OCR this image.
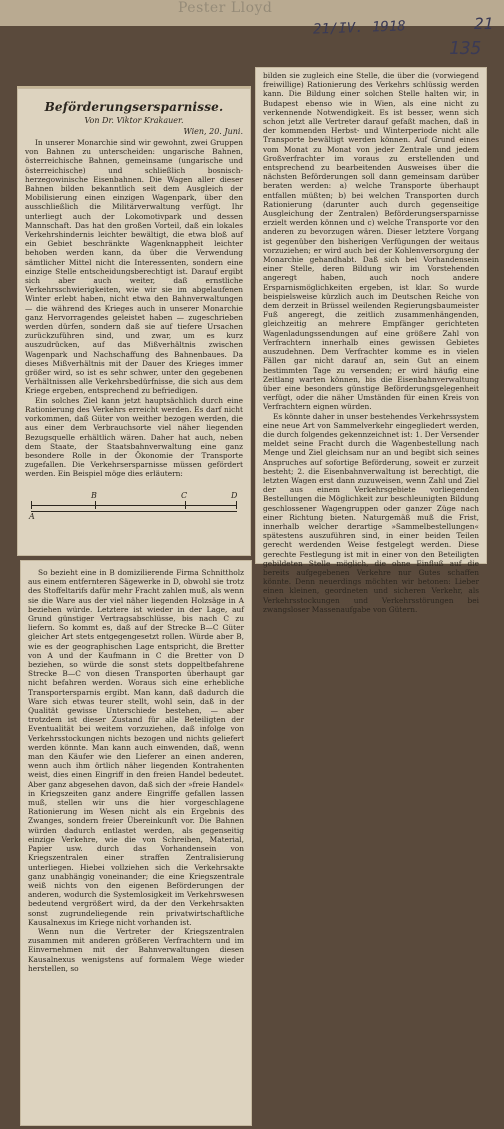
Pester Lloyd
21/IV. 1918	21
135
Beförderungsersparnisse.
Von Dr. Viktor Krakauer.
Wien, 20. Juni.

In unserer Monarchie sind wir gewohnt, zwei Gruppen von Bahnen zu unterscheiden: ungarische Bahnen, österreichische Bahnen, gemeinsame (ungarische und österreichische) und schließlich bosnisch-herzegowinische Eisenbahnen. Die Wagen aller dieser Bahnen bilden bekanntlich seit dem Ausgleich der Mobilisierung einen einzigen Wagenpark, über den ausschließlich die Militärverwaltung verfügt. Ihr unterliegt auch der Lokomotivpark und dessen Mannschaft. Das hat den großen Vorteil, daß ein lokales Verkehrshindernis leichter bewältigt, die etwa bloß auf ein Gebiet beschränkte Wagenknappheit leichter behoben werden kann, da über die Verwendung sämtlicher Mittel nicht die Interessenten, sondern eine einzige Stelle entscheidungsberechtigt ist. Darauf ergibt sich aber auch weiter, daß ernstliche Verkehrsschwierigkeiten, wie wir sie im abgelaufenen Winter erlebt haben, nicht etwa den Bahnverwaltungen — die während des Krieges auch in unserer Monarchie ganz Hervorragendes geleistet haben — zugeschrieben werden dürfen, sondern daß sie auf tiefere Ursachen zurückzuführen sind, und zwar, um es kurz auszudrücken, auf das Mißverhältnis zwischen Wagenpark und Nachschaffung des Bahnenbaues. Da dieses Mißverhältnis mit der Dauer des Krieges immer größer wird, so ist es sehr schwer, unter den gegebenen Verhältnissen alle Verkehrsbedürfnisse, die sich aus dem Kriege ergeben, entsprechend zu befriedigen.

Ein solches Ziel kann jetzt hauptsächlich durch eine Rationierung des Verkehrs erreicht werden. Es darf nicht vorkommen, daß Güter von weither bezogen werden, die aus einer dem Verbrauchsorte viel näher liegenden Bezugsquelle erhältlich wären. Daher hat auch, neben dem Staate, der Staatsbahnverwaltung eine ganz besondere Rolle in der Ökonomie der Transporte zugefallen. Die Verkehrsersparnisse müssen gefördert werden. Ein Beispiel möge dies erläutern:

A
B	C	D

So bezieht eine in B domizilierende Firma Schnittholz aus einem entfernteren Sägewerke in D, obwohl sie trotz des Stoffeltarifs dafür mehr Fracht zahlen muß, als wenn sie die Ware aus der viel näher liegenden Holzsäge in A beziehen würde. Letztere ist wieder in der Lage, auf Grund günstiger Vertragsabschlüsse, bis nach C zu liefern. So kommt es, daß auf der Strecke B—C Güter gleicher Art stets entgegengesetzt rollen. Würde aber B, wie es der geographischen Lage entspricht, die Bretter von A und der Kaufmann in C die Bretter von D beziehen, so würde die sonst stets doppeltbefahrene Strecke B—C von diesen Transporten überhaupt gar nicht befahren werden. Woraus sich eine erhebliche Transportersparnis ergibt. Man kann, daß dadurch die Ware sich etwas teurer stellt, wohl sein, daß in der Qualität gewisse Unterschiede bestehen, — aber trotzdem ist dieser Zustand für alle Beteiligten der Eventualität bei weitem vorzuziehen, daß infolge von Verkehrsstockungen nichts bezogen und nichts geliefert werden könnte. Man kann auch einwenden, daß, wenn man den Käufer wie den Lieferer an einen anderen, wenn auch ihm örtlich näher liegenden Kontrahenten weist, dies einen Eingriff in den freien Handel bedeutet. Aber ganz abgesehen davon, daß sich der »freie Handel« in Kriegszeiten ganz andere Eingriffe gefallen lassen muß, stellen wir uns die hier vorgeschlagene Rationierung im Wesen nicht als ein Ergebnis des Zwanges, sondern freier Übereinkunft vor. Die Bahnen würden dadurch entlastet werden, als gegenseitig einzige Verkehre, wie die von Schreiben, Material, Papier usw. durch das Vorhandensein von Kriegszentralen einer straffen Zentralisierung unterliegen. Hiebei vollziehen sich die Verkehrsakte ganz unabhängig voneinander; die eine Kriegszentrale weiß nichts von den eigenen Beförderungen der anderen, wodurch die Systemlosigkeit im Verkehrswesen bedeutend vergrößert wird, da der den Verkehrsakten sonst zugrundeliegende rein privatwirtschaftliche Kausalnexus im Kriege nicht vorhanden ist.

Wenn nun die Vertreter der Kriegszentralen zusammen mit anderen größeren Verfrachtern und im Einvernehmen mit der Bahnverwaltungen diesen Kausalnexus wenigstens auf formalem Wege wieder herstellen, so

bilden sie zugleich eine Stelle, die über die (vorwiegend freiwillige) Rationierung des Verkehrs schlüssig werden kann. Die Bildung einer solchen Stelle halten wir, in Budapest ebenso wie in Wien, als eine nicht zu verkennende Notwendigkeit. Es ist besser, wenn sich schon jetzt alle Vertreter darauf gefaßt machen, daß in der kommenden Herbst- und Winterperiode nicht alle Transporte bewältigt werden können. Auf Grund eines vom Monat zu Monat von jeder Zentrale und jedem Großverfrachter im voraus zu erstellenden und entsprechend zu bearbeitenden Ausweises über die nächsten Beförderungen soll dann gemeinsam darüber beraten werden: a) welche Transporte überhaupt entfallen müßten; b) bei welchen Transporten durch Rationierung (darunter auch durch gegenseitige Ausgleichung der Zentralen) Beförderungsersparnisse erzielt werden können und c) welche Transporte vor den anderen zu bevorzugen wären. Dieser letztere Vorgang ist gegenüber den bisherigen Verfügungen der weitaus vorzuziehen; er wird auch bei der Kohlenversorgung der Monarchie gehandhabt. Daß sich bei Vorhandensein einer Stelle, deren Bildung wir im Vorstehenden angeregt haben, auch noch andere Ersparnismöglichkeiten ergeben, ist klar. So wurde beispielsweise kürzlich auch im Deutschen Reiche von dem derzeit in Brüssel weilenden Regierungsbaumeister Fuß angeregt, die zeitlich zusammenhängenden, gleichzeitig an mehrere Empfänger gerichteten Wagenladungssendungen auf eine größere Zahl von Verfrachtern innerhalb eines gewissen Gebietes auszudehnen. Dem Verfrachter komme es in vielen Fällen gar nicht darauf an, sein Gut an einem bestimmten Tage zu versenden; er wird häufig eine Zeitlang warten können, bis die Eisenbahnverwaltung über eine besonders günstige Beförderungsgelegenheit verfügt, oder die näher Umständen für einen Kreis von Verfrachtern eignen würden.

Es könnte daher in unser bestehendes Verkehrssystem eine neue Art von Sammelverkehr eingegliedert werden, die durch folgendes gekennzeichnet ist: 1. Der Versender meldet seine Fracht durch die Wagenbestellung nach Menge und Ziel gleichsam nur an und begibt sich seines Anspruches auf sofortige Beförderung, soweit er zurzeit besteht; 2. die Eisenbahnverwaltung ist berechtigt, die letzten Wagen erst dann zuzuweisen, wenn Zahl und Ziel der aus einem Verkehrsgebiete vorliegenden Bestellungen die Möglichkeit zur beschleunigten Bildung geschlossener Wagengruppen oder ganzer Züge nach einer Richtung bieten. Naturgemäß muß die Frist, innerhalb welcher derartige »Sammelbestellungen« spätestens auszuführen sind, in einer beiden Teilen gerecht werdenden Weise festgelegt werden. Diese gerechte Festlegung ist mit in einer von den Beteiligten gebildeten Stelle möglich, die ohne Einfluß auf die bereits aufgegebenen Verkehre nur Gutes schaffen könnte. Denn neuerdings möchten wir betonen: Lieber einen kleinen, geordneten und sicheren Verkehr, als Verkehrsstockungen und Verkehrsstörungen bei zwangsloser Massenaufgabe von Gütern.
